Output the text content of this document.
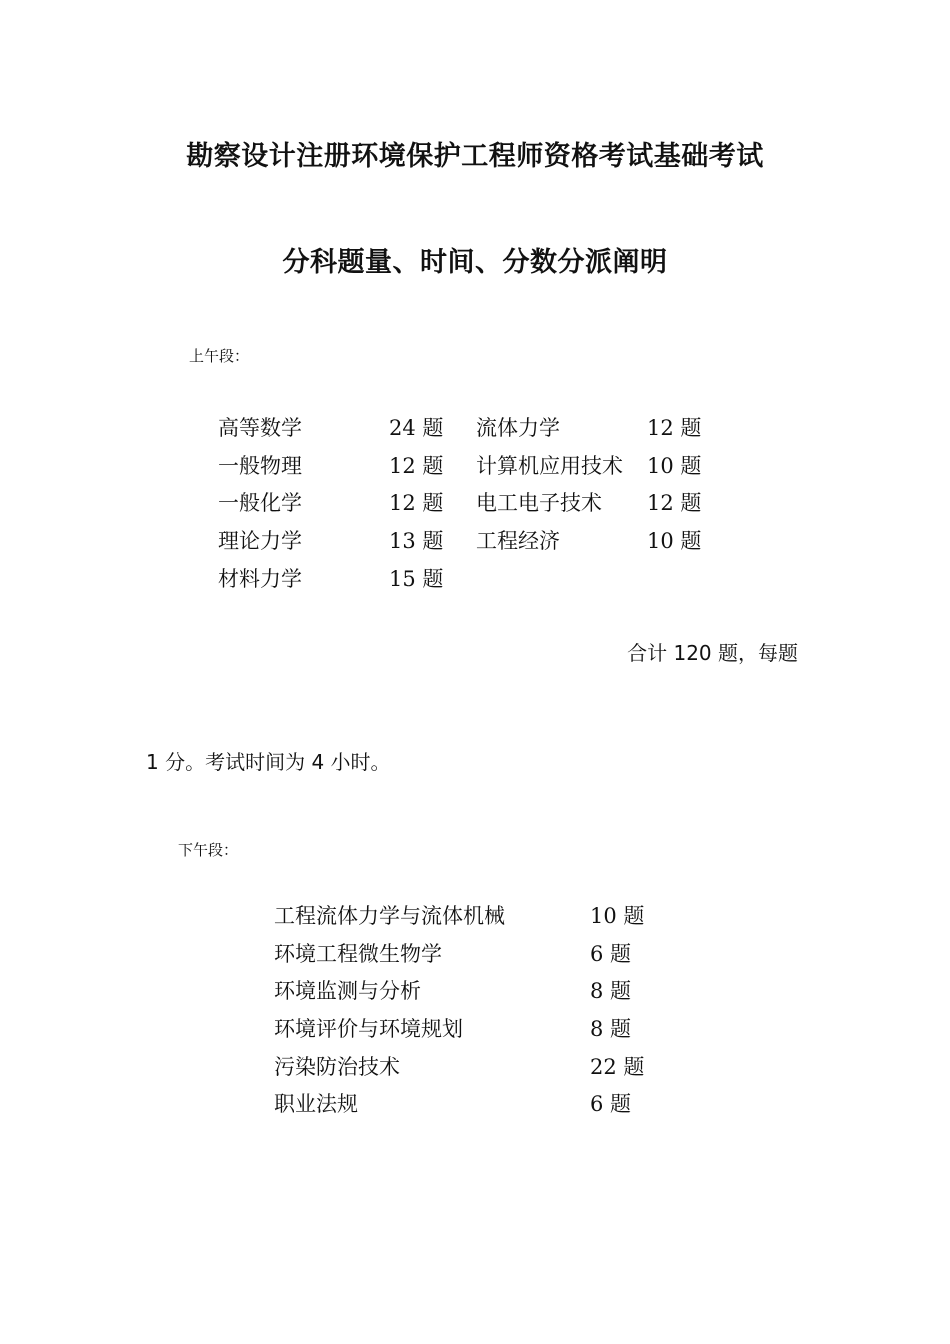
勘察设计注册环境保护工程师资格考试基础考试
分科题量、时间、分数分派阐明
上午段：
高等数学	24 题 流体力学	12 题
一般物理	12 题 计算机应用技术 10 题
一般化学	12 题 电工电子技术 12 题
理论力学	13 题 工程经济	10 题
材料力学	15 题
合计 120 题，每题
1 分。考试时间为 4 小时。
下午段：
工程流体力学与流体机械	10 题
环境工程微生物学	6 题
环境监测与分析	8 题
环境评价与环境规划	8 题
污染防治技术	22 题
职业法规	6 题
